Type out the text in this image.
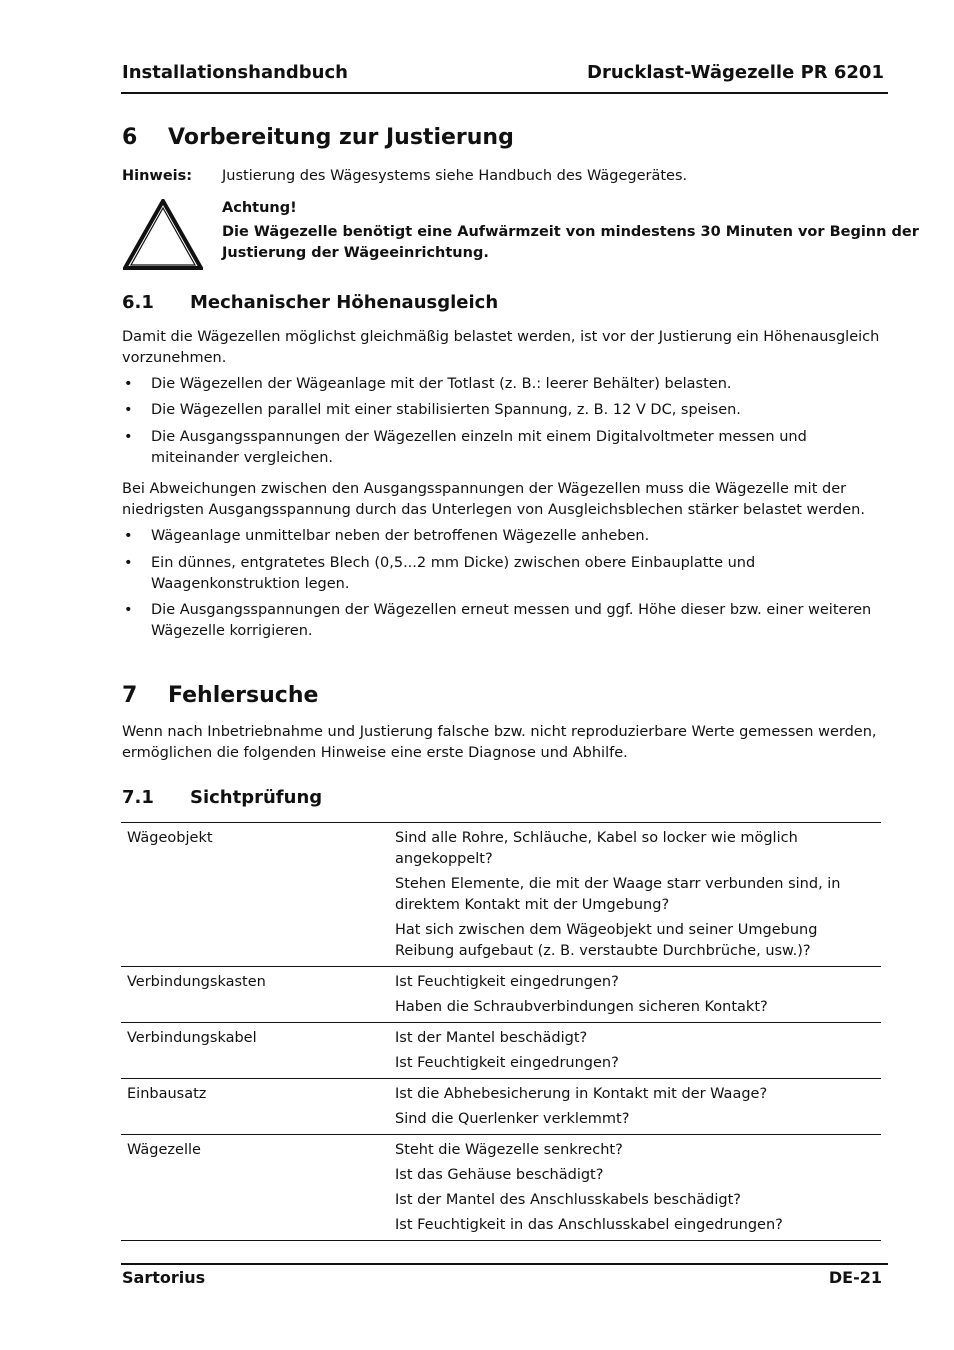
Installationshandbuch	Drucklast-Wägezelle PR 6201
6 Vorbereitung zur Justierung
Hinweis:	Justierung des Wägesystems siehe Handbuch des Wägegerätes.
Achtung!
Die Wägezelle benötigt eine Aufwärmzeit von mindestens 30 Minuten vor Beginn der
Justierung der Wägeeinrichtung.
6.1 Mechanischer Höhenausgleich
Damit die Wägezellen möglichst gleichmäßig belastet werden, ist vor der Justierung ein Höhenausgleich vorzunehmen.
• Die Wägezellen der Wägeanlage mit der Totlast (z. B.: leerer Behälter) belasten.
• Die Wägezellen parallel mit einer stabilisierten Spannung, z. B. 12 V DC, speisen.
• Die Ausgangsspannungen der Wägezellen einzeln mit einem Digitalvoltmeter messen und miteinander vergleichen.
Bei Abweichungen zwischen den Ausgangsspannungen der Wägezellen muss die Wägezelle mit der niedrigsten Ausgangsspannung durch das Unterlegen von Ausgleichsblechen stärker belastet werden.
• Wägeanlage unmittelbar neben der betroffenen Wägezelle anheben.
• Ein dünnes, entgratetes Blech (0,5...2 mm Dicke) zwischen obere Einbauplatte und Waagenkonstruktion legen.
• Die Ausgangsspannungen der Wägezellen erneut messen und ggf. Höhe dieser bzw. einer weiteren Wägezelle korrigieren.
7 Fehlersuche
Wenn nach Inbetriebnahme und Justierung falsche bzw. nicht reproduzierbare Werte gemessen werden, ermöglichen die folgenden Hinweise eine erste Diagnose und Abhilfe.
7.1 Sichtprüfung
Wägeobjekt	Sind alle Rohre, Schläuche, Kabel so locker wie möglich angekoppelt?
Stehen Elemente, die mit der Waage starr verbunden sind, in direktem Kontakt mit der Umgebung?
Hat sich zwischen dem Wägeobjekt und seiner Umgebung Reibung aufgebaut (z. B. verstaubte Durchbrüche, usw.)?

Verbindungskasten	Ist Feuchtigkeit eingedrungen?
Haben die Schraubverbindungen sicheren Kontakt?

Verbindungskabel	Ist der Mantel beschädigt?
Ist Feuchtigkeit eingedrungen?

Einbausatz	Ist die Abhebesicherung in Kontakt mit der Waage?
Sind die Querlenker verklemmt?

Wägezelle	Steht die Wägezelle senkrecht?
Ist das Gehäuse beschädigt?
Ist der Mantel des Anschlusskabels beschädigt?
Ist Feuchtigkeit in das Anschlusskabel eingedrungen?
Sartorius	DE-21
